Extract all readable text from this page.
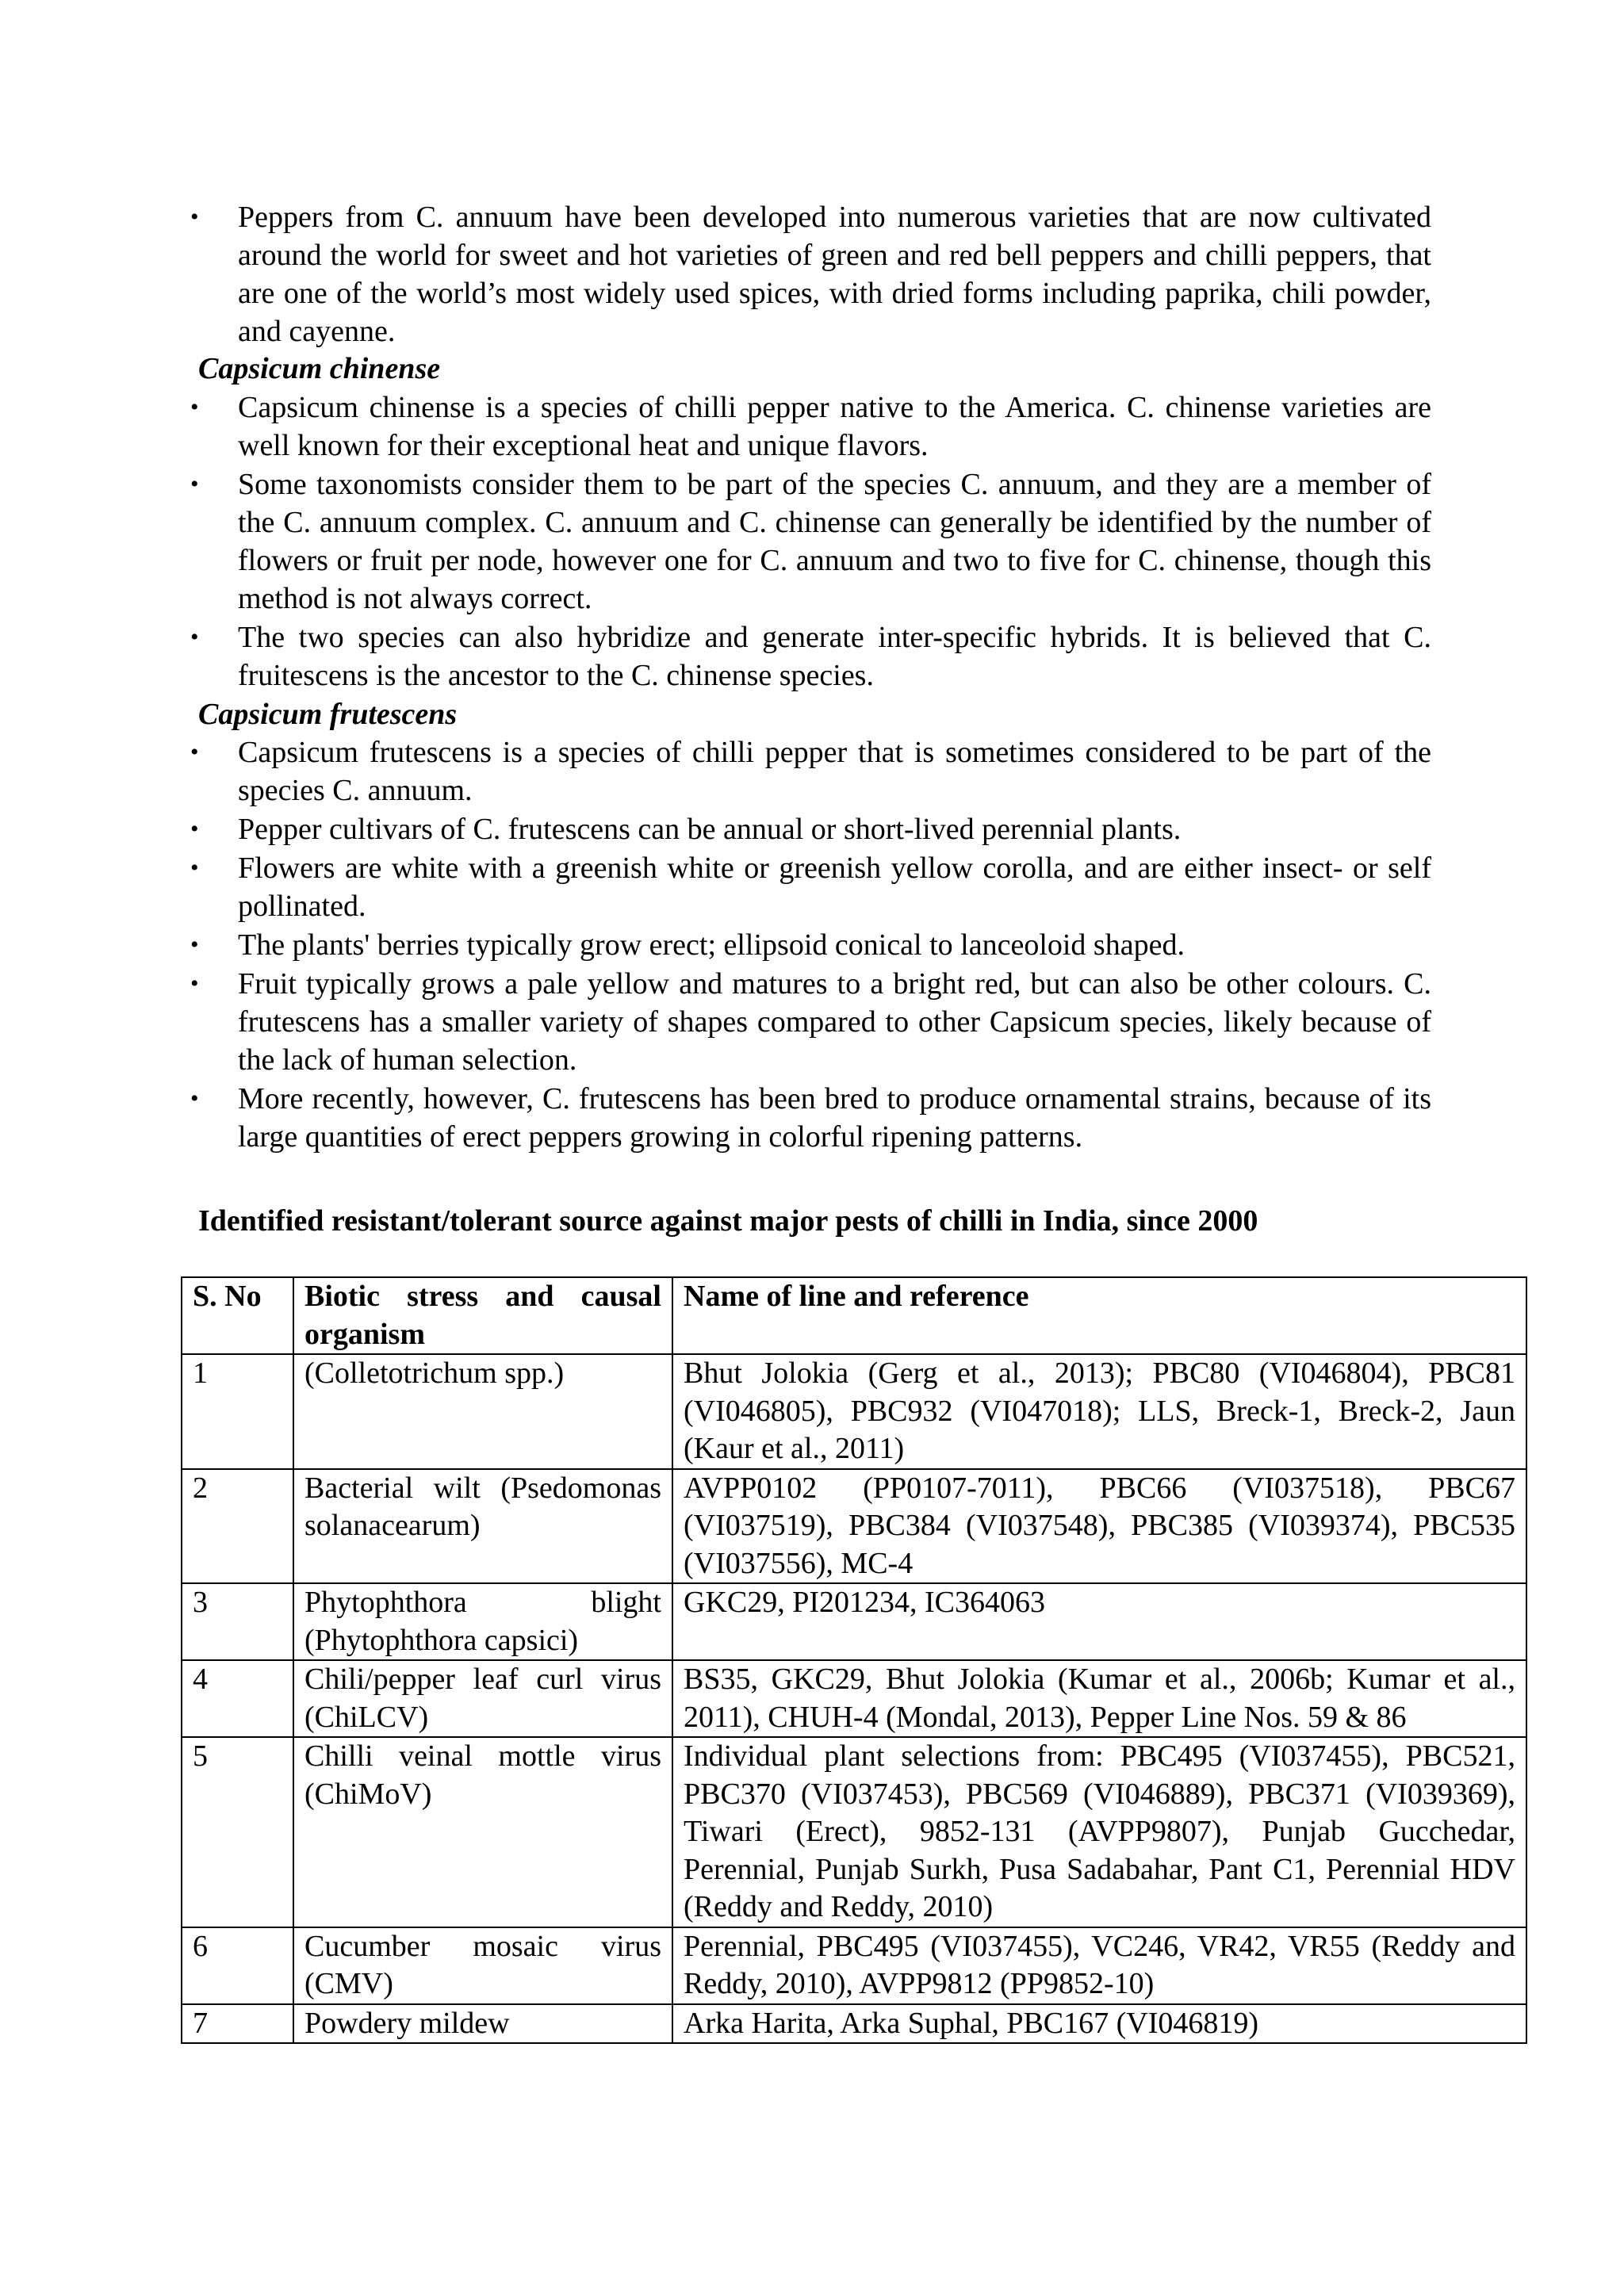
• Peppers from C. annuum have been developed into numerous varieties that are now cultivated around the world for sweet and hot varieties of green and red bell peppers and chilli peppers, that are one of the world’s most widely used spices, with dried forms including paprika, chili powder, and cayenne.
Capsicum chinense
• Capsicum chinense is a species of chilli pepper native to the America. C. chinense varieties are well known for their exceptional heat and unique flavors.
• Some taxonomists consider them to be part of the species C. annuum, and they are a member of the C. annuum complex. C. annuum and C. chinense can generally be identified by the number of flowers or fruit per node, however one for C. annuum and two to five for C. chinense, though this method is not always correct.
• The two species can also hybridize and generate inter-specific hybrids. It is believed that C. fruitescens is the ancestor to the C. chinense species.
Capsicum frutescens
• Capsicum frutescens is a species of chilli pepper that is sometimes considered to be part of the species C. annuum.
• Pepper cultivars of C. frutescens can be annual or short-lived perennial plants.
• Flowers are white with a greenish white or greenish yellow corolla, and are either insect- or self pollinated.
• The plants' berries typically grow erect; ellipsoid conical to lanceoloid shaped.
• Fruit typically grows a pale yellow and matures to a bright red, but can also be other colours. C. frutescens has a smaller variety of shapes compared to other Capsicum species, likely because of the lack of human selection.
• More recently, however, C. frutescens has been bred to produce ornamental strains, because of its large quantities of erect peppers growing in colorful ripening patterns.
Identified resistant/tolerant source against major pests of chilli in India, since 2000
S. No	Biotic stress and causal organism	Name of line and reference
1	(Colletotrichum spp.)	Bhut Jolokia (Gerg et al., 2013); PBC80 (VI046804), PBC81 (VI046805), PBC932 (VI047018); LLS, Breck-1, Breck-2, Jaun (Kaur et al., 2011)
2	Bacterial wilt (Psedomonas solanacearum)	AVPP0102 (PP0107-7011), PBC66 (VI037518), PBC67 (VI037519), PBC384 (VI037548), PBC385 (VI039374), PBC535 (VI037556), MC-4
3	Phytophthora blight (Phytophthora capsici)	GKC29, PI201234, IC364063
4	Chili/pepper leaf curl virus (ChiLCV)	BS35, GKC29, Bhut Jolokia (Kumar et al., 2006b; Kumar et al., 2011), CHUH-4 (Mondal, 2013), Pepper Line Nos. 59 & 86
5	Chilli veinal mottle virus (ChiMoV)	Individual plant selections from: PBC495 (VI037455), PBC521, PBC370 (VI037453), PBC569 (VI046889), PBC371 (VI039369), Tiwari (Erect), 9852-131 (AVPP9807), Punjab Gucchedar, Perennial, Punjab Surkh, Pusa Sadabahar, Pant C1, Perennial HDV (Reddy and Reddy, 2010)
6	Cucumber mosaic virus (CMV)	Perennial, PBC495 (VI037455), VC246, VR42, VR55 (Reddy and Reddy, 2010), AVPP9812 (PP9852-10)
7	Powdery mildew	Arka Harita, Arka Suphal, PBC167 (VI046819)
